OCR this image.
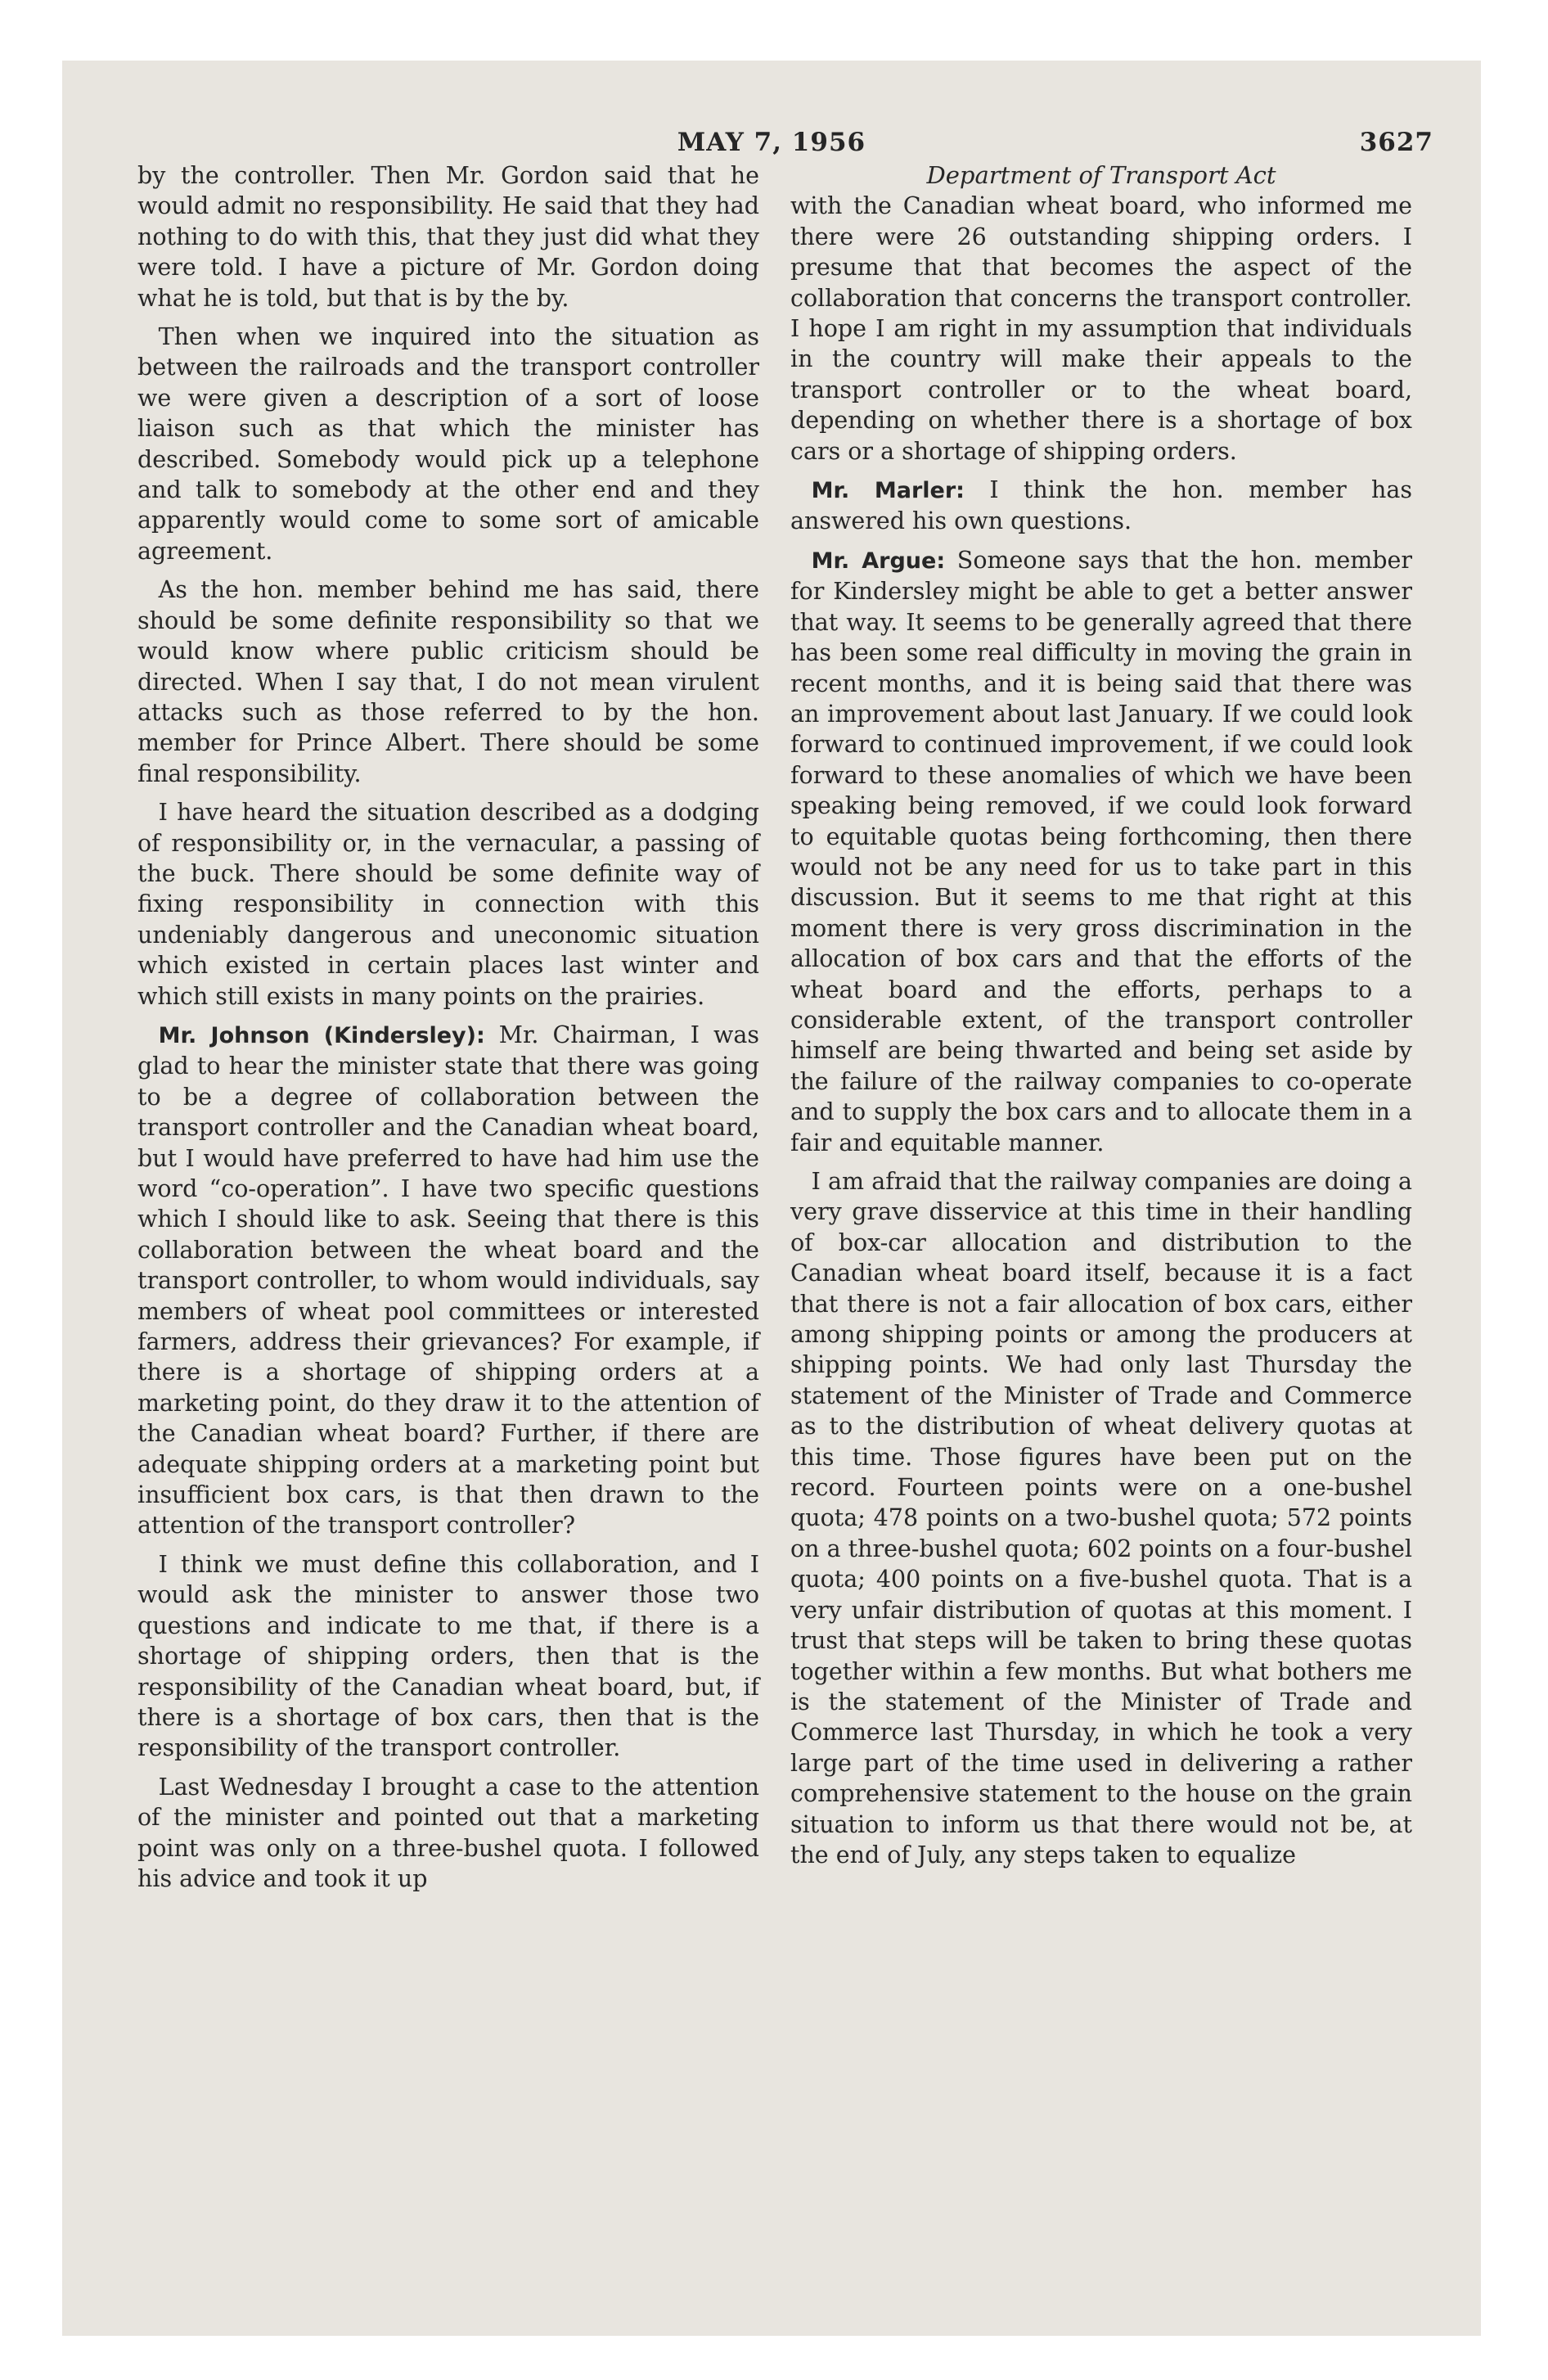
MAY 7, 1956	3627

by the controller. Then Mr. Gordon said that he would admit no responsibility. He said that they had nothing to do with this, that they just did what they were told. I have a picture of Mr. Gordon doing what he is told, but that is by the by.

Then when we inquired into the situation as between the railroads and the transport controller we were given a description of a sort of loose liaison such as that which the minister has described. Somebody would pick up a telephone and talk to somebody at the other end and they apparently would come to some sort of amicable agreement.

As the hon. member behind me has said, there should be some definite responsibility so that we would know where public criticism should be directed. When I say that, I do not mean virulent attacks such as those referred to by the hon. member for Prince Albert. There should be some final responsibility.

I have heard the situation described as a dodging of responsibility or, in the vernacular, a passing of the buck. There should be some definite way of fixing responsibility in connection with this undeniably dangerous and uneconomic situation which existed in certain places last winter and which still exists in many points on the prairies.

Mr. Johnson (Kindersley): Mr. Chairman, I was glad to hear the minister state that there was going to be a degree of collaboration between the transport controller and the Canadian wheat board, but I would have preferred to have had him use the word “co-operation”. I have two specific questions which I should like to ask. Seeing that there is this collaboration between the wheat board and the transport controller, to whom would individuals, say members of wheat pool committees or interested farmers, address their grievances? For example, if there is a shortage of shipping orders at a marketing point, do they draw it to the attention of the Canadian wheat board? Further, if there are adequate shipping orders at a marketing point but insufficient box cars, is that then drawn to the attention of the transport controller?

I think we must define this collaboration, and I would ask the minister to answer those two questions and indicate to me that, if there is a shortage of shipping orders, then that is the responsibility of the Canadian wheat board, but, if there is a shortage of box cars, then that is the responsibility of the transport controller.

Last Wednesday I brought a case to the attention of the minister and pointed out that a marketing point was only on a three-bushel quota. I followed his advice and took it up

Department of Transport Act

with the Canadian wheat board, who informed me there were 26 outstanding shipping orders. I presume that that becomes the aspect of the collaboration that concerns the transport controller. I hope I am right in my assumption that individuals in the country will make their appeals to the transport controller or to the wheat board, depending on whether there is a shortage of box cars or a shortage of shipping orders.

Mr. Marler: I think the hon. member has answered his own questions.

Mr. Argue: Someone says that the hon. member for Kindersley might be able to get a better answer that way. It seems to be generally agreed that there has been some real difficulty in moving the grain in recent months, and it is being said that there was an improvement about last January. If we could look forward to continued improvement, if we could look forward to these anomalies of which we have been speaking being removed, if we could look forward to equitable quotas being forthcoming, then there would not be any need for us to take part in this discussion. But it seems to me that right at this moment there is very gross discrimination in the allocation of box cars and that the efforts of the wheat board and the efforts, perhaps to a considerable extent, of the transport controller himself are being thwarted and being set aside by the failure of the railway companies to co-operate and to supply the box cars and to allocate them in a fair and equitable manner.

I am afraid that the railway companies are doing a very grave disservice at this time in their handling of box-car allocation and distribution to the Canadian wheat board itself, because it is a fact that there is not a fair allocation of box cars, either among shipping points or among the producers at shipping points. We had only last Thursday the statement of the Minister of Trade and Commerce as to the distribution of wheat delivery quotas at this time. Those figures have been put on the record. Fourteen points were on a one-bushel quota; 478 points on a two-bushel quota; 572 points on a three-bushel quota; 602 points on a four-bushel quota; 400 points on a five-bushel quota. That is a very unfair distribution of quotas at this moment. I trust that steps will be taken to bring these quotas together within a few months. But what bothers me is the statement of the Minister of Trade and Commerce last Thursday, in which he took a very large part of the time used in delivering a rather comprehensive statement to the house on the grain situation to inform us that there would not be, at the end of July, any steps taken to equalize
